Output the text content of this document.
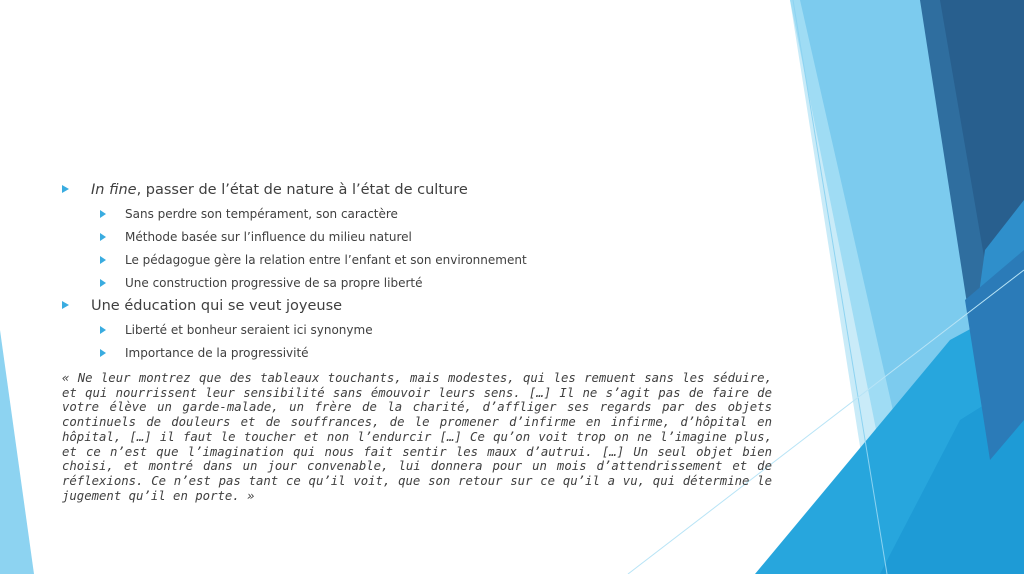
In fine, passer de l’état de nature à l’état de culture
Sans perdre son tempérament, son caractère
Méthode basée sur l’influence du milieu naturel
Le pédagogue gère la relation entre l’enfant et son environnement
Une construction progressive de sa propre liberté
Une éducation qui se veut joyeuse
Liberté et bonheur seraient ici synonyme
Importance de la progressivité
« Ne leur montrez que des tableaux touchants, mais modestes, qui les remuent sans les séduire, et qui nourrissent leur sensibilité sans émouvoir leurs sens. […] Il ne s’agit pas de faire de votre élève un garde-malade, un frère de la charité, d’affliger ses regards par des objets continuels de douleurs et de souffrances, de le promener d’infirme en infirme, d’hôpital en hôpital, […] il faut le toucher et non l’endurcir […] Ce qu’on voit trop on ne l’imagine plus, et ce n’est que l’imagination qui nous fait sentir les maux d’autrui. […] Un seul objet bien choisi, et montré dans un jour convenable, lui donnera pour un mois d’attendrissement et de réflexions. Ce n’est pas tant ce qu’il voit, que son retour sur ce qu’il a vu, qui détermine le jugement qu’il en porte. »
